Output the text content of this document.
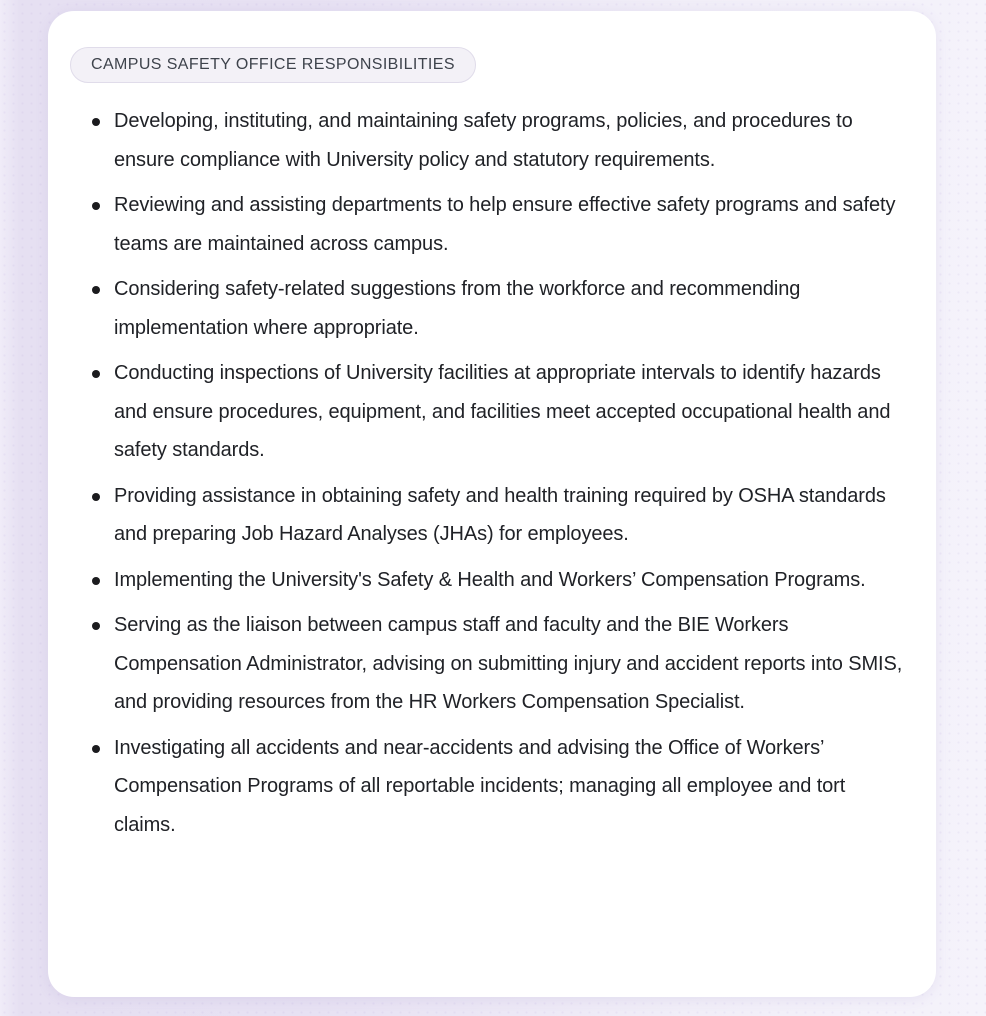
CAMPUS SAFETY OFFICE RESPONSIBILITIES
Developing, instituting, and maintaining safety programs, policies, and procedures to ensure compliance with University policy and statutory requirements.
Reviewing and assisting departments to help ensure effective safety programs and safety teams are maintained across campus.
Considering safety-related suggestions from the workforce and recommending implementation where appropriate.
Conducting inspections of University facilities at appropriate intervals to identify hazards and ensure procedures, equipment, and facilities meet accepted occupational health and safety standards.
Providing assistance in obtaining safety and health training required by OSHA standards and preparing Job Hazard Analyses (JHAs) for employees.
Implementing the University's Safety & Health and Workers’ Compensation Programs.
Serving as the liaison between campus staff and faculty and the BIE Workers Compensation Administrator, advising on submitting injury and accident reports into SMIS, and providing resources from the HR Workers Compensation Specialist.
Investigating all accidents and near-accidents and advising the Office of Workers’ Compensation Programs of all reportable incidents; managing all employee and tort claims.
